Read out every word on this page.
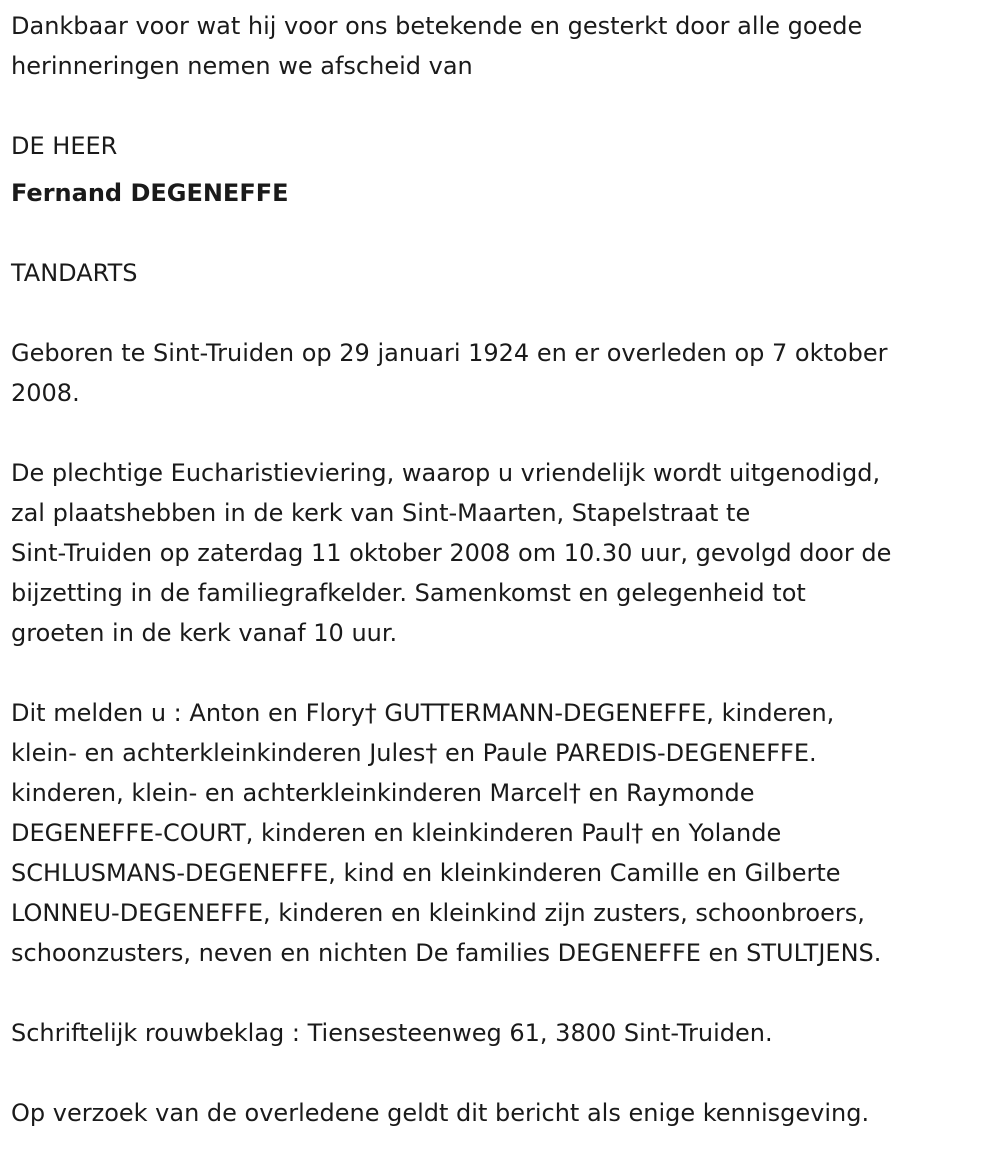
Dankbaar voor wat hij voor ons betekende en gesterkt door alle goede
herinneringen nemen we afscheid van

DE HEER

Fernand DEGENEFFE

TANDARTS

Geboren te Sint-Truiden op 29 januari 1924 en er overleden op 7 oktober
2008.

De plechtige Eucharistieviering, waarop u vriendelijk wordt uitgenodigd,
zal plaatshebben in de kerk van Sint-Maarten, Stapelstraat te
Sint-Truiden op zaterdag 11 oktober 2008 om 10.30 uur, gevolgd door de
bijzetting in de familiegrafkelder. Samenkomst en gelegenheid tot
groeten in de kerk vanaf 10 uur.

Dit melden u : Anton en Flory† GUTTERMANN-DEGENEFFE, kinderen,
klein- en achterkleinkinderen Jules† en Paule PAREDIS-DEGENEFFE.
kinderen, klein- en achterkleinkinderen Marcel† en Raymonde
DEGENEFFE-COURT, kinderen en kleinkinderen Paul† en Yolande
SCHLUSMANS-DEGENEFFE, kind en kleinkinderen Camille en Gilberte
LONNEU-DEGENEFFE, kinderen en kleinkind zijn zusters, schoonbroers,
schoonzusters, neven en nichten De families DEGENEFFE en STULTJENS.

Schriftelijk rouwbeklag : Tiensesteenweg 61, 3800 Sint-Truiden.

Op verzoek van de overledene geldt dit bericht als enige kennisgeving.
